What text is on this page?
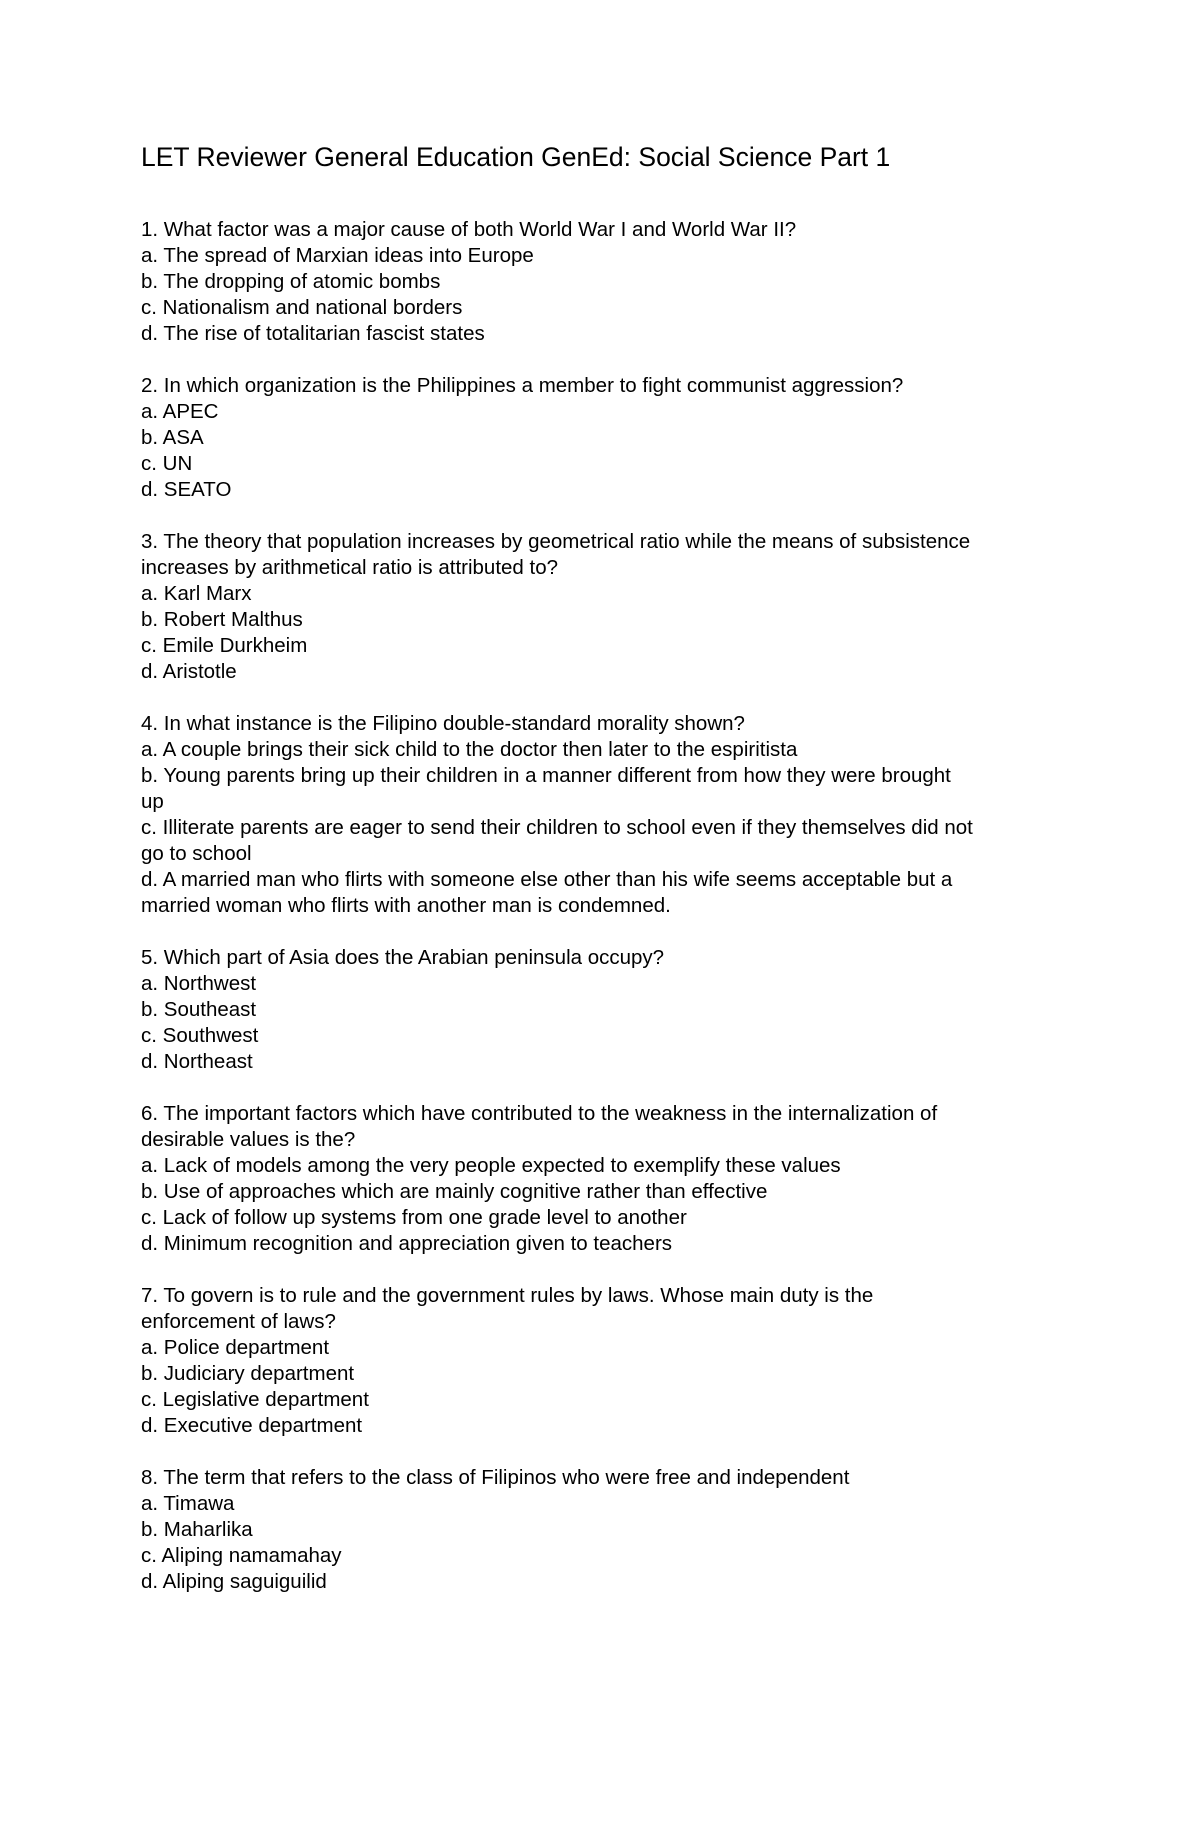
LET Reviewer General Education GenEd: Social Science Part 1
1. What factor was a major cause of both World War I and World War II?
a. The spread of Marxian ideas into Europe
b. The dropping of atomic bombs
c. Nationalism and national borders
d. The rise of totalitarian fascist states
2. In which organization is the Philippines a member to fight communist aggression?
a. APEC
b. ASA
c. UN
d. SEATO
3. The theory that population increases by geometrical ratio while the means of subsistence
increases by arithmetical ratio is attributed to?
a. Karl Marx
b. Robert Malthus
c. Emile Durkheim
d. Aristotle
4. In what instance is the Filipino double-standard morality shown?
a. A couple brings their sick child to the doctor then later to the espiritista
b. Young parents bring up their children in a manner different from how they were brought
up
c. Illiterate parents are eager to send their children to school even if they themselves did not
go to school
d. A married man who flirts with someone else other than his wife seems acceptable but a
married woman who flirts with another man is condemned.
5. Which part of Asia does the Arabian peninsula occupy?
a. Northwest
b. Southeast
c. Southwest
d. Northeast
6. The important factors which have contributed to the weakness in the internalization of
desirable values is the?
a. Lack of models among the very people expected to exemplify these values
b. Use of approaches which are mainly cognitive rather than effective
c. Lack of follow up systems from one grade level to another
d. Minimum recognition and appreciation given to teachers
7. To govern is to rule and the government rules by laws. Whose main duty is the
enforcement of laws?
a. Police department
b. Judiciary department
c. Legislative department
d. Executive department
8. The term that refers to the class of Filipinos who were free and independent
a. Timawa
b. Maharlika
c. Aliping namamahay
d. Aliping saguiguilid
